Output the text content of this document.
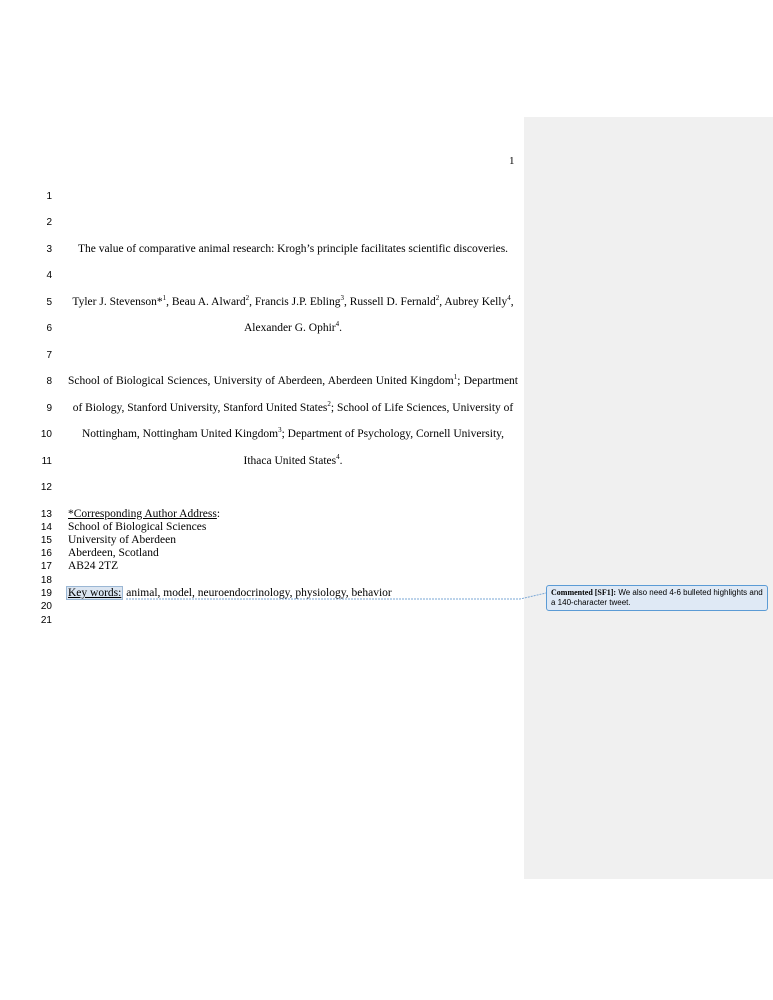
1
1
2
3
4
5
6
7
8
9
10
11
12
13
14
15
16
17
18
19
20
21
The value of comparative animal research: Krogh’s principle facilitates scientific discoveries.
Tyler J. Stevenson*$^1$, Beau A. Alward$^2$, Francis J.P. Ebling$^3$, Russell D. Fernald$^2$, Aubrey Kelly$^4$,
Alexander G. Ophir$^4$.
School of Biological Sciences, University of Aberdeen, Aberdeen United Kingdom$^1$; Department
of Biology, Stanford University, Stanford United States$^2$; School of Life Sciences, University of
Nottingham, Nottingham United Kingdom$^3$; Department of Psychology, Cornell University,
Ithaca United States$^4$.
*Corresponding Author Address:
School of Biological Sciences
University of Aberdeen
Aberdeen, Scotland
AB24 2TZ
Key words: animal, model, neuroendocrinology, physiology, behavior	Commented [SF1]: We also need 4-6 bulleted highlights and a 140-character tweet.
